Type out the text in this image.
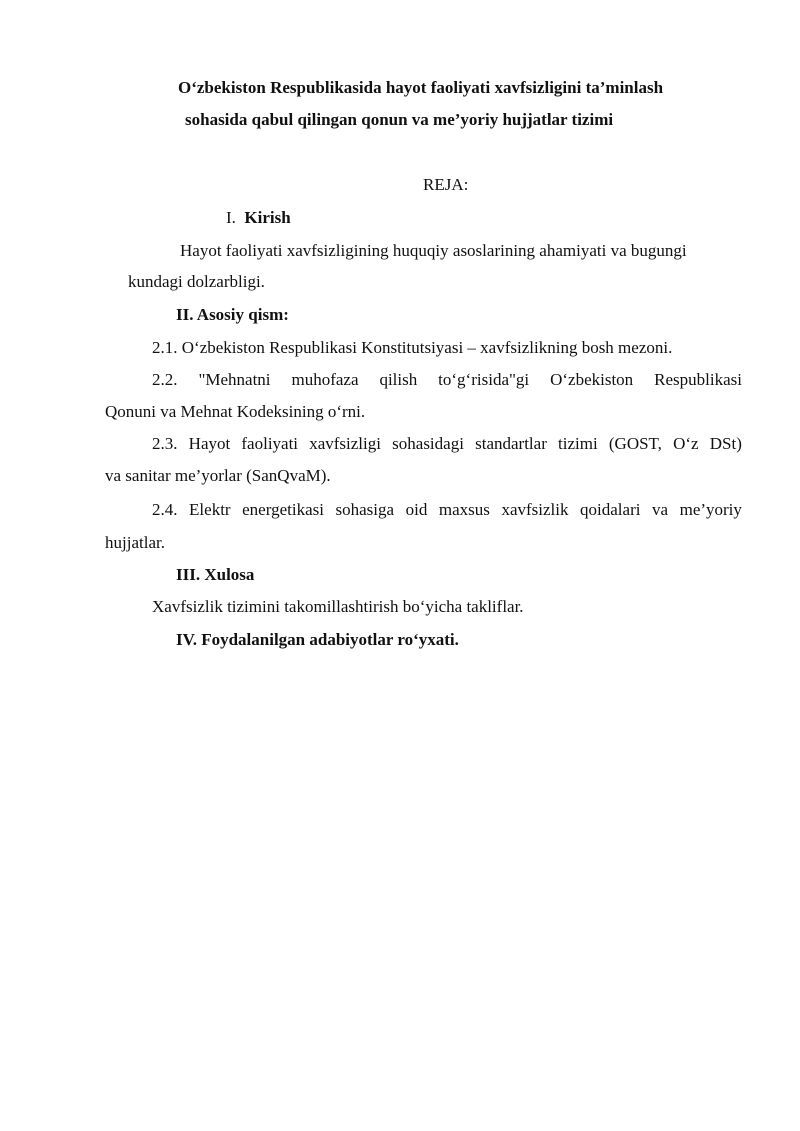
O‘zbekiston Respublikasida hayot faoliyati xavfsizligini ta’minlash
sohasida qabul qilingan qonun va me’yoriy hujjatlar tizimi
REJA:
I. Kirish
Hayot faoliyati xavfsizligining huquqiy asoslarining ahamiyati va bugungi
kundagi dolzarbligi.
II. Asosiy qism:
2.1. O‘zbekiston Respublikasi Konstitutsiyasi – xavfsizlikning bosh mezoni.
2.2. "Mehnatni muhofaza qilish to‘g‘risida"gi O‘zbekiston Respublikasi
Qonuni va Mehnat Kodeksining o‘rni.
2.3. Hayot faoliyati xavfsizligi sohasidagi standartlar tizimi (GOST, O‘z DSt)
va sanitar me’yorlar (SanQvaM).
2.4. Elektr energetikasi sohasiga oid maxsus xavfsizlik qoidalari va me’yoriy
hujjatlar.
III. Xulosa
Xavfsizlik tizimini takomillashtirish bo‘yicha takliflar.
IV. Foydalanilgan adabiyotlar ro‘yxati.
